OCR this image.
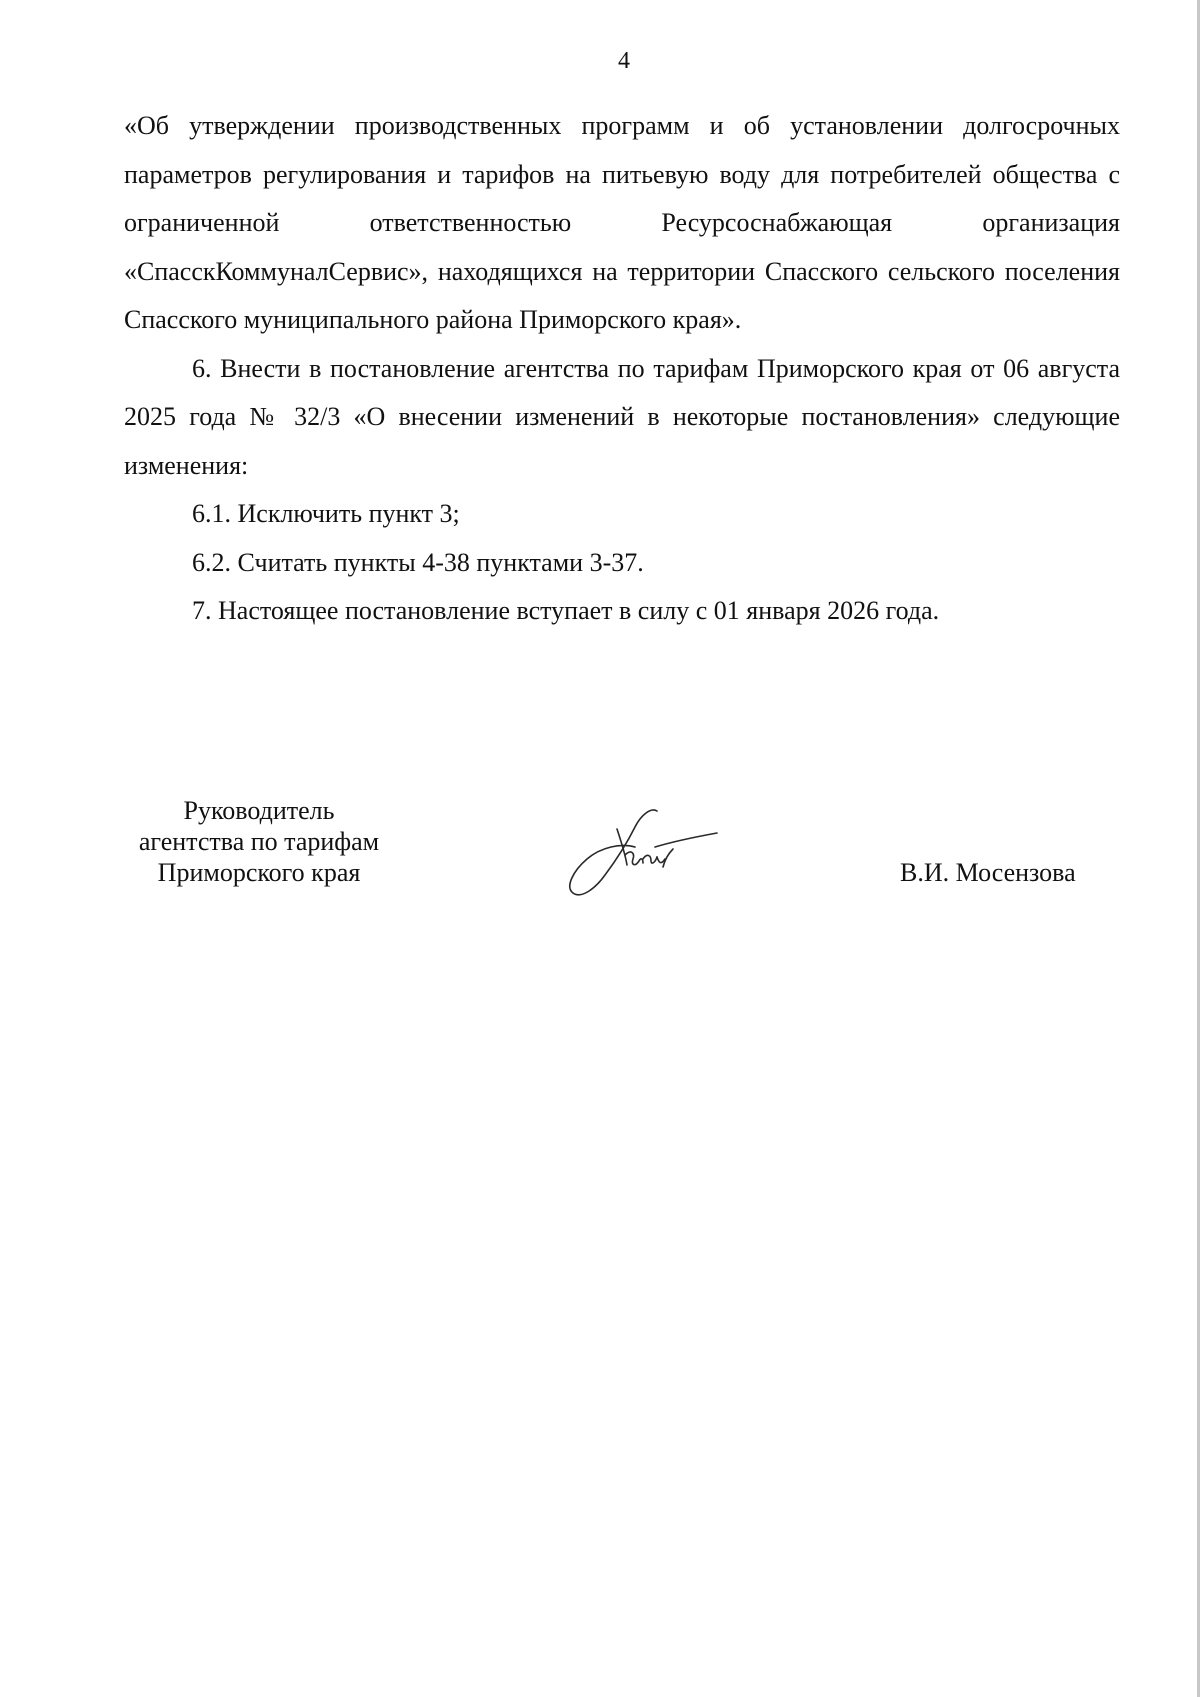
4

«Об утверждении производственных программ и об установлении долгосрочных параметров регулирования и тарифов на питьевую воду для потребителей общества с ограниченной ответственностью Ресурсоснабжающая организация «СпасскКоммуналСервис», находящихся на территории Спасского сельского поселения Спасского муниципального района Приморского края».

6. Внести в постановление агентства по тарифам Приморского края от 06 августа 2025 года № 32/3 «О внесении изменений в некоторые постановления» следующие изменения:

6.1. Исключить пункт 3;

6.2. Считать пункты 4-38 пунктами 3-37.

7. Настоящее постановление вступает в силу с 01 января 2026 года.

Руководитель
агентства по тарифам
Приморского края	В.И. Мосензова
